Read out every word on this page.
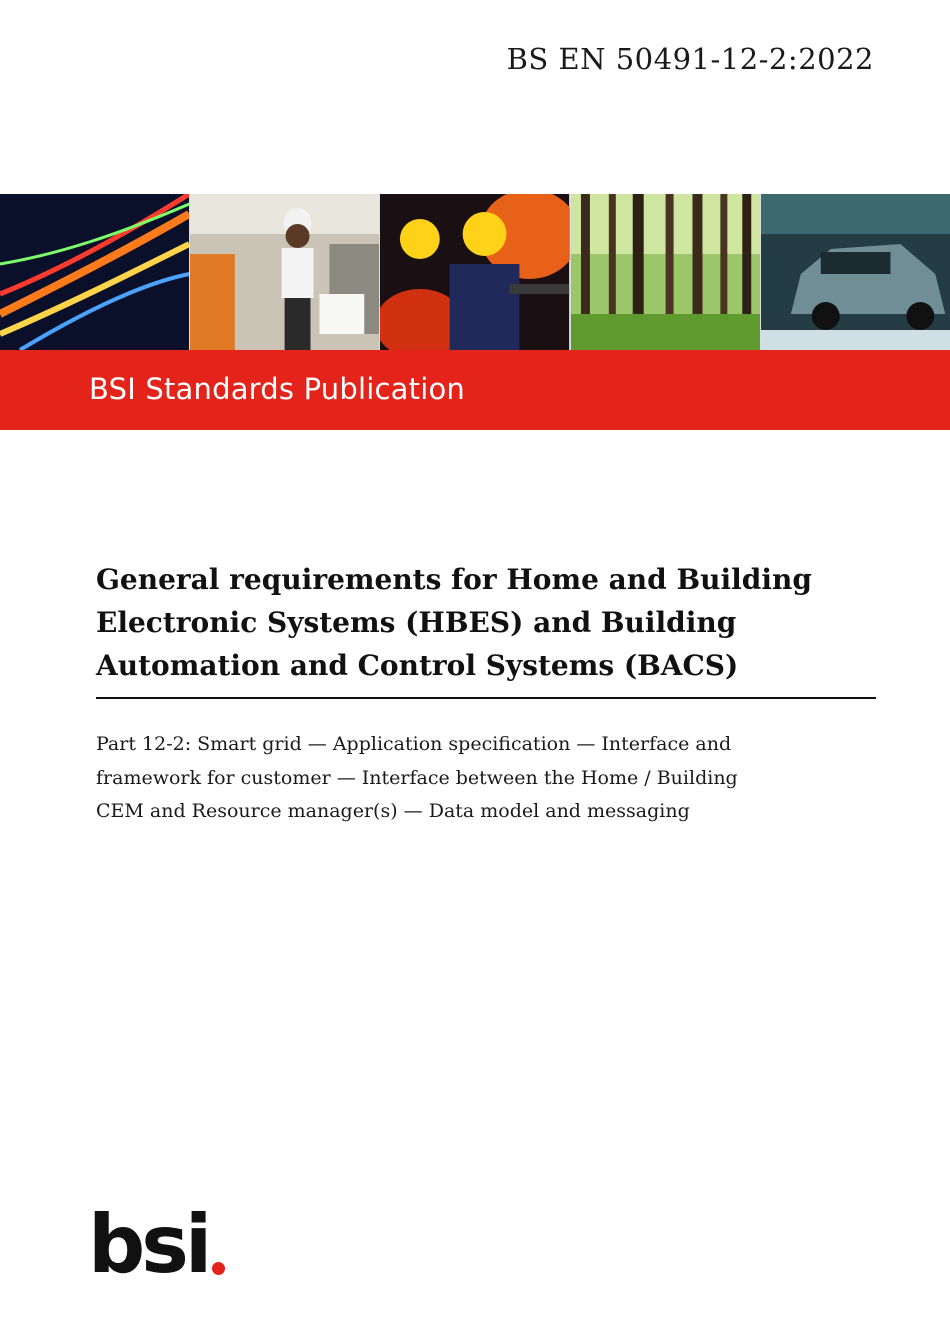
BS EN 50491-12-2:2022
BSI Standards Publication
General requirements for Home and Building Electronic Systems (HBES) and Building Automation and Control Systems (BACS)
Part 12-2: Smart grid — Application specification — Interface and framework for customer — Interface between the Home / Building CEM and Resource manager(s) — Data model and messaging
bsi
